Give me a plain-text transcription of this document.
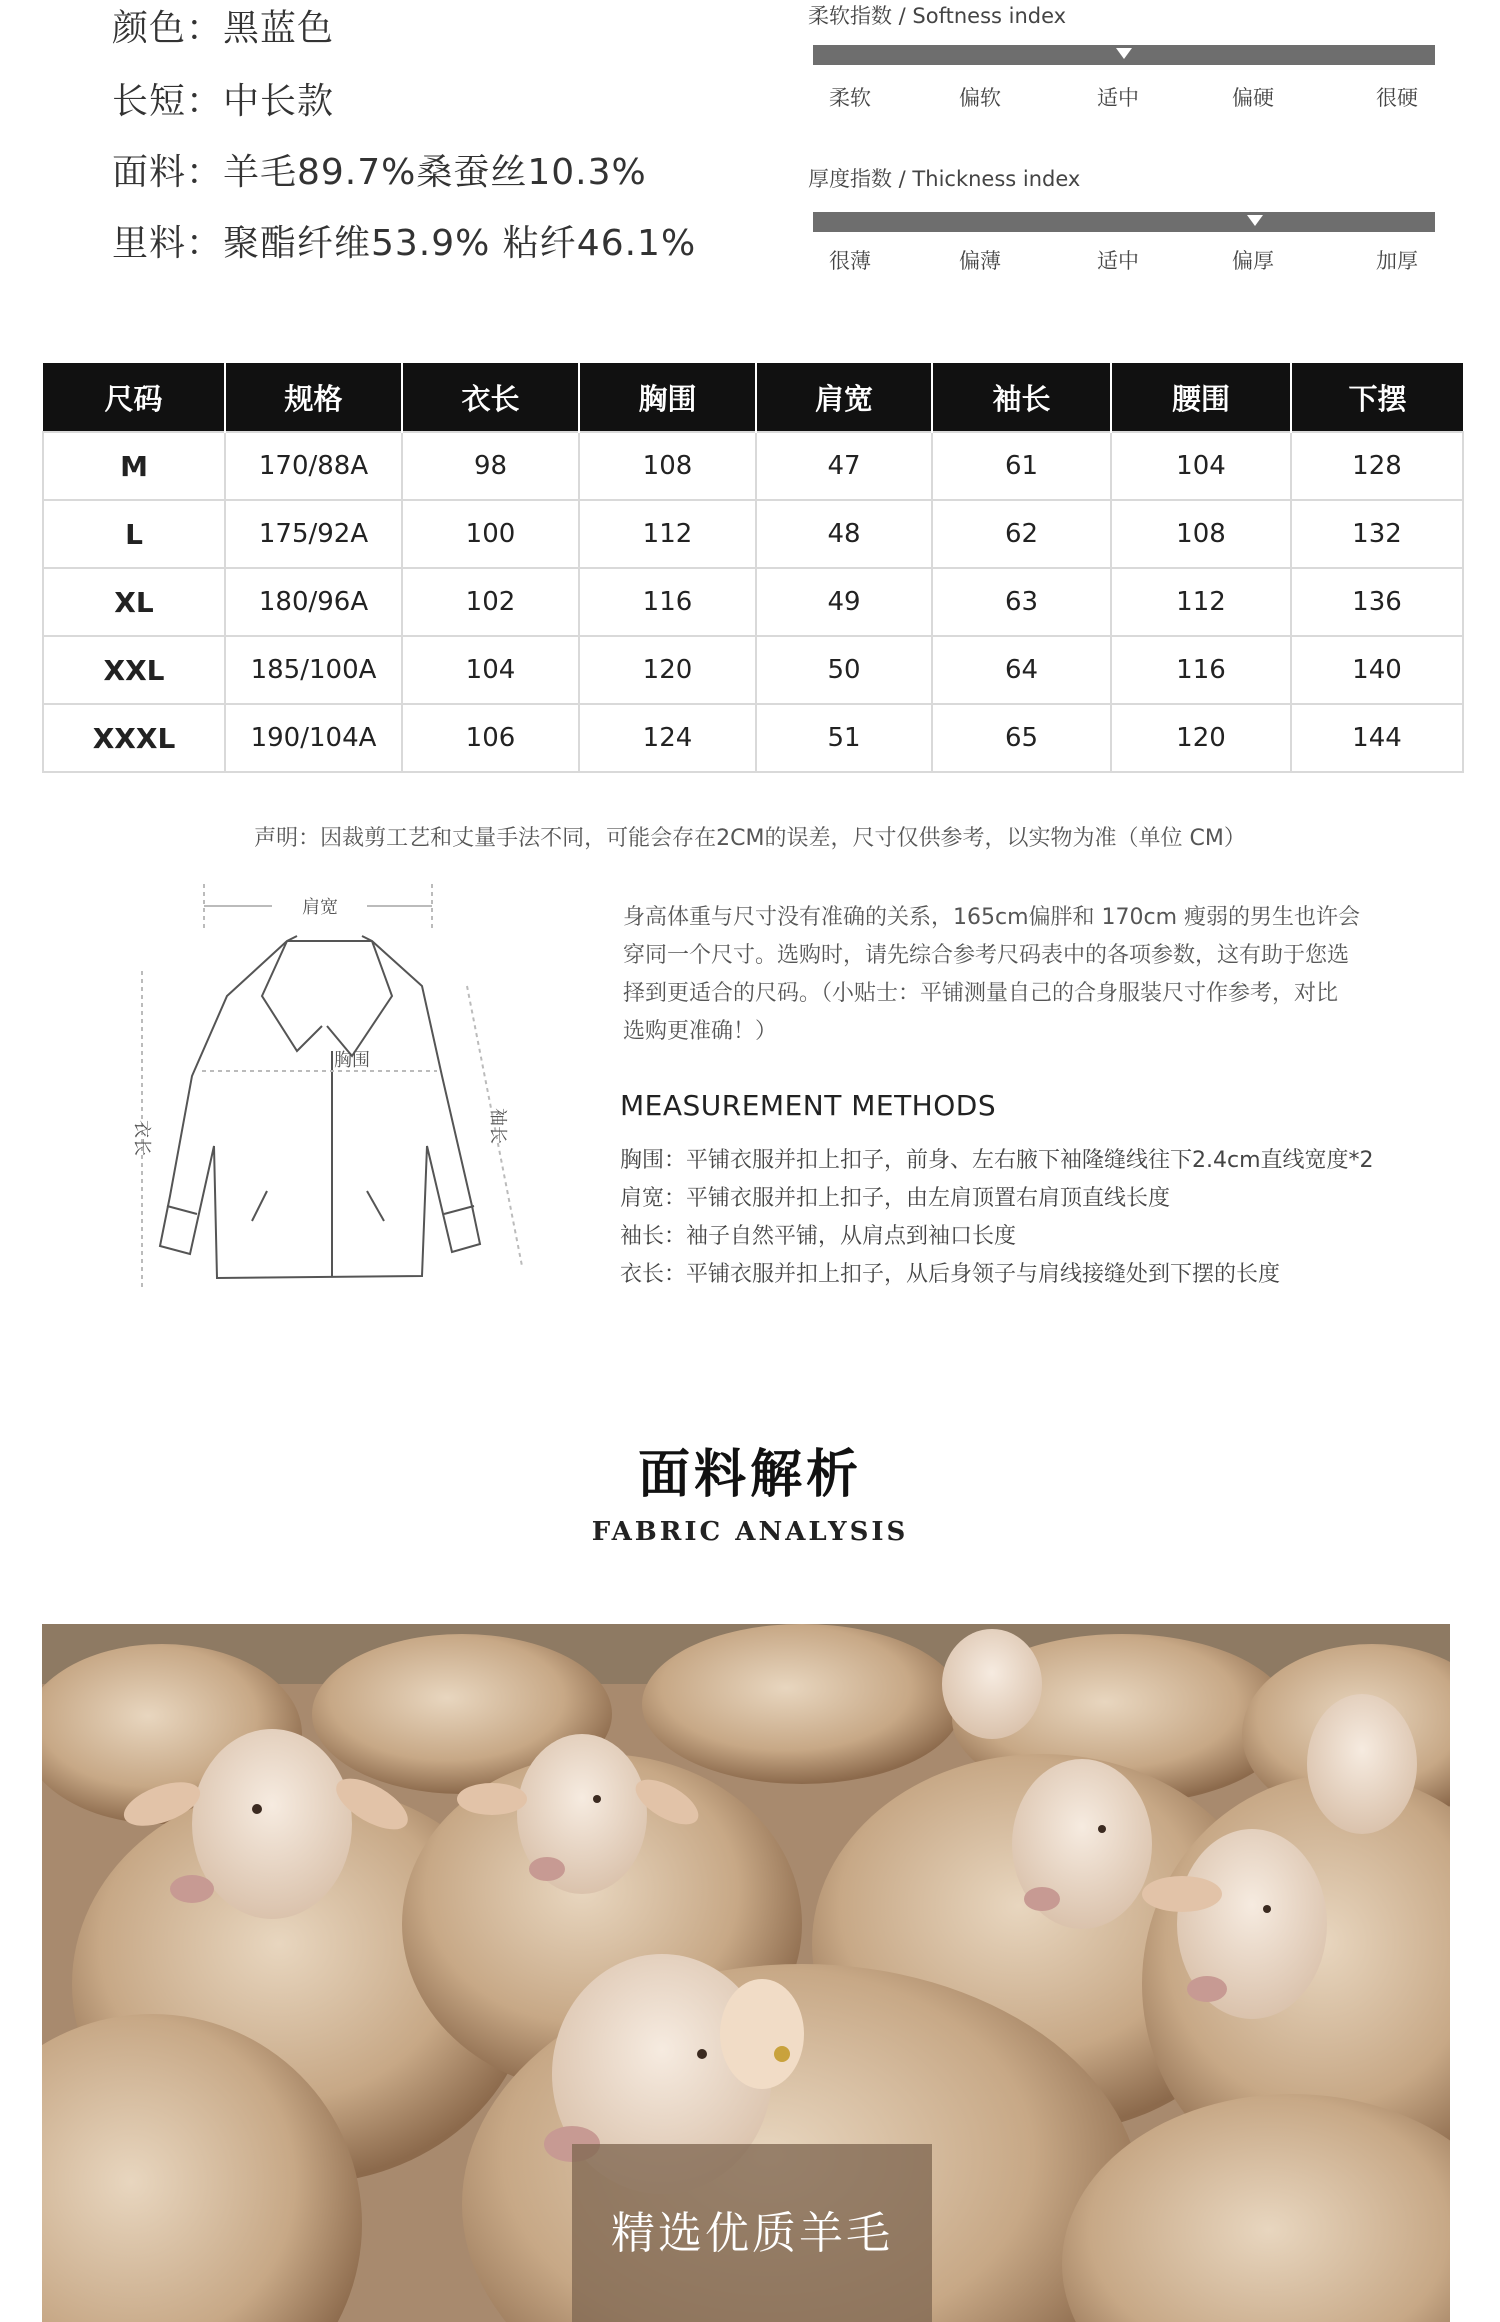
颜色：黑蓝色
长短：中长款
面料：羊毛89.7%桑蚕丝10.3%
里料：聚酯纤维53.9% 粘纤46.1%
柔软指数 / Softness index
柔软	偏软	适中	偏硬	很硬
厚度指数 / Thickness index
很薄	偏薄	适中	偏厚	加厚
尺码	规格	衣长	胸围	肩宽	袖长	腰围	下摆
M	170/88A	98	108	47	61	104	128
L	175/92A	100	112	48	62	108	132
XL	180/96A	102	116	49	63	112	136
XXL	185/100A	104	120	50	64	116	140
XXXL	190/104A	106	124	51	65	120	144
声明：因裁剪工艺和丈量手法不同，可能会存在2CM的误差，尺寸仅供参考，以实物为准（单位 CM）
肩宽
胸围
衣长	袖长
身高体重与尺寸没有准确的关系，165cm偏胖和 170cm 瘦弱的男生也许会
穿同一个尺寸。选购时，请先综合参考尺码表中的各项参数，这有助于您选
择到更适合的尺码。（小贴士：平铺测量自己的合身服装尺寸作参考，对比
选购更准确！）
MEASUREMENT METHODS
胸围：平铺衣服并扣上扣子，前身、左右腋下袖隆缝线往下2.4cm直线宽度*2
肩宽：平铺衣服并扣上扣子，由左肩顶置右肩顶直线长度
袖长：袖子自然平铺，从肩点到袖口长度
衣长：平铺衣服并扣上扣子，从后身领子与肩线接缝处到下摆的长度
面料解析
FABRIC ANALYSIS
精选优质羊毛
